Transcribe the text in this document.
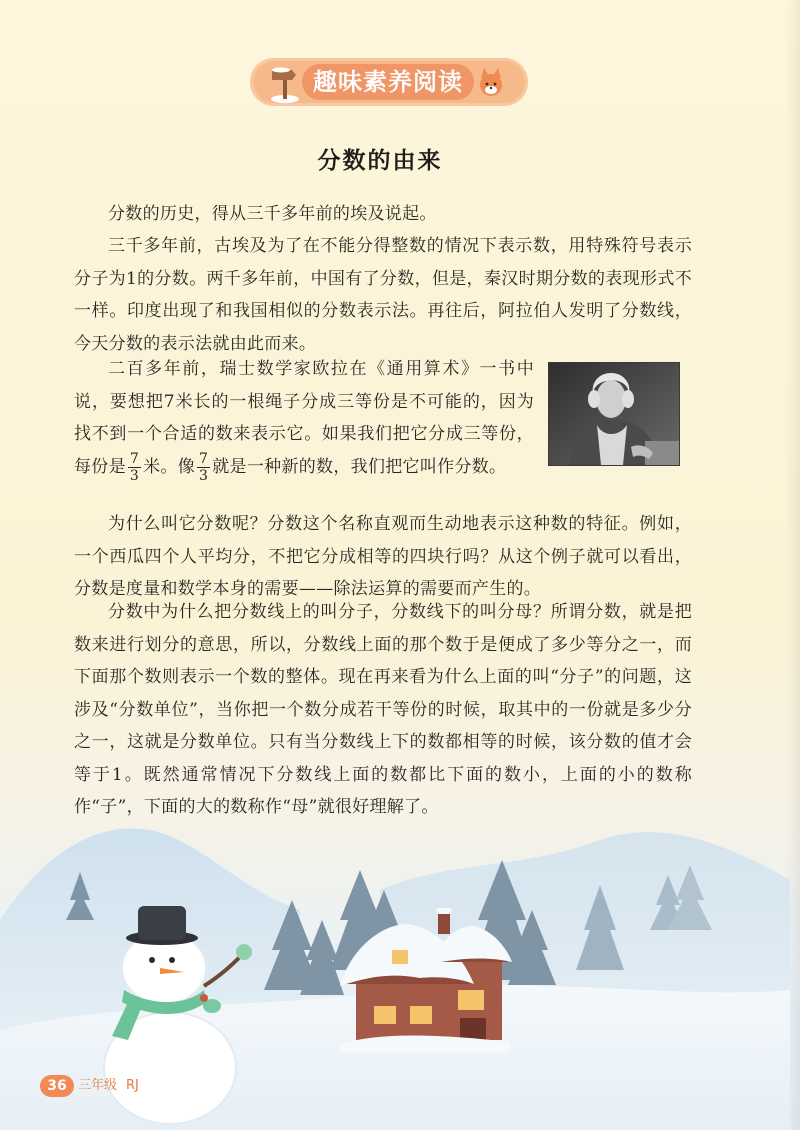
趣味素养阅读
分数的由来

分数的历史，得从三千多年前的埃及说起。

三千多年前，古埃及为了在不能分得整数的情况下表示数，用特殊符号表示分子为1的分数。两千多年前，中国有了分数，但是，秦汉时期分数的表现形式不一样。印度出现了和我国相似的分数表示法。再往后，阿拉伯人发明了分数线，今天分数的表示法就由此而来。

二百多年前，瑞士数学家欧拉在《通用算术》一书中说，要想把7米长的一根绳子分成三等份是不可能的，因为找不到一个合适的数来表示它。如果我们把它分成三等份，每份是 $\frac{7}{3}$ 米。像 $\frac{7}{3}$ 就是一种新的数，我们把它叫作分数。

为什么叫它分数呢？分数这个名称直观而生动地表示这种数的特征。例如，一个西瓜四个人平均分，不把它分成相等的四块行吗？从这个例子就可以看出，分数是度量和数学本身的需要——除法运算的需要而产生的。

分数中为什么把分数线上的叫分子，分数线下的叫分母？所谓分数，就是把数来进行划分的意思，所以，分数线上面的那个数于是便成了多少等分之一，而下面那个数则表示一个数的整体。现在再来看为什么上面的叫“分子”的问题，这涉及“分数单位”，当你把一个数分成若干等份的时候，取其中的一份就是多少分之一，这就是分数单位。只有当分数线上下的数都相等的时候，该分数的值才会等于1。既然通常情况下分数线上面的数都比下面的数小，上面的小的数称作“子”，下面的大的数称作“母”就很好理解了。

36 三年级 RJ
